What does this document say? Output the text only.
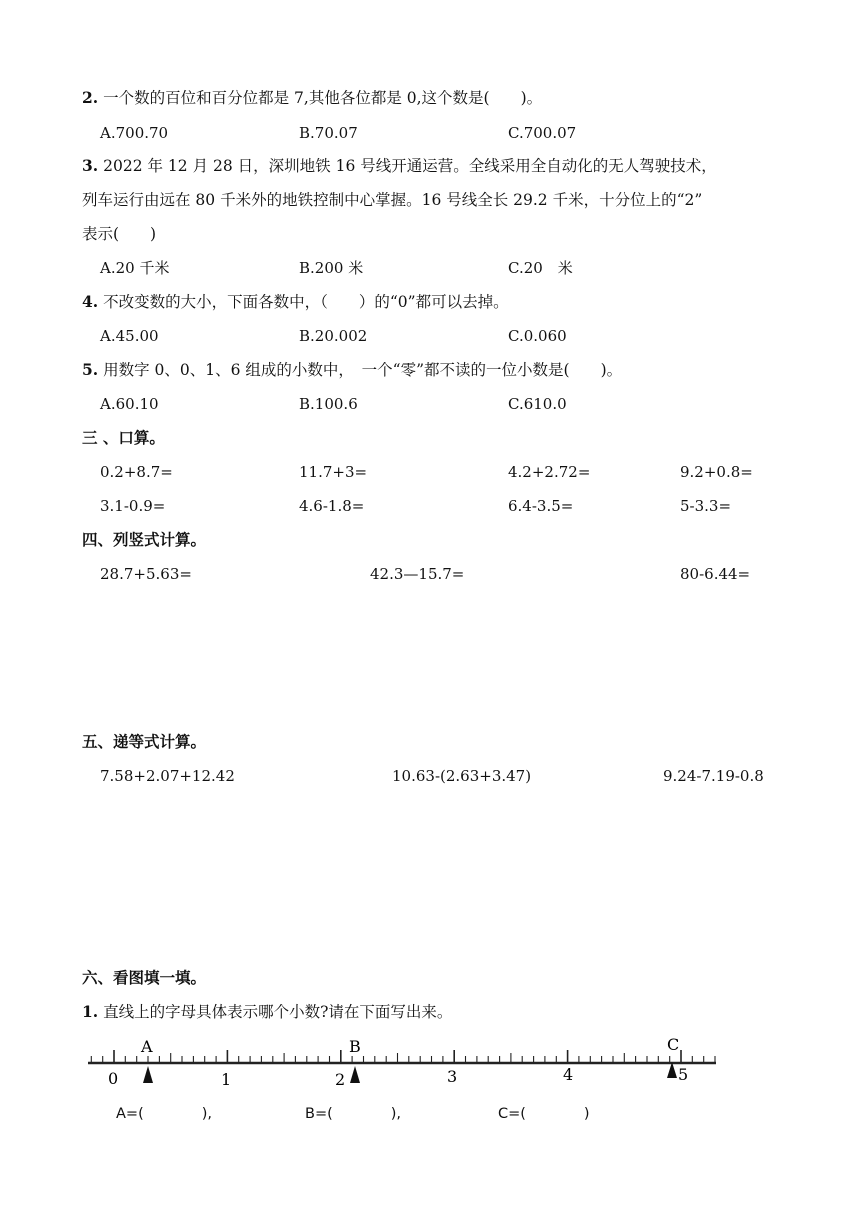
2. 一个数的百位和百分位都是 7,其他各位都是 0,这个数是(　　)。
A.700.70	B.70.07	C.700.07
3. 2022 年 12 月 28 日，深圳地铁 16 号线开通运营。全线采用全自动化的无人驾驶技术，
列车运行由远在 80 千米外的地铁控制中心掌握。16 号线全长 29.2 千米，十分位上的“2”
表示(　　)
A.20 千米	B.200 米	C.20　米
4. 不改变数的大小，下面各数中，（　　）的“0”都可以去掉。
A.45.00	B.20.002	C.0.060
5. 用数字 0、0、1、6 组成的小数中，　一个“零”都不读的一位小数是(　　)。
A.60.10	B.100.6	C.610.0
三 、口算。
0.2+8.7=	11.7+3=	4.2+2.72=	9.2+0.8=
3.1-0.9=	4.6-1.8=	6.4-3.5=	5-3.3=
四、列竖式计算。
28.7+5.63=	42.3—15.7=	80-6.44=
五、递等式计算。
7.58+2.07+12.42	10.63-(2.63+3.47)	9.24-7.19-0.8
六、看图填一填。
1. 直线上的字母具体表示哪个小数?请在下面写出来。
A	B	C
0	1	2	3	4	5
A=(　　　　),	B=(　　　　),	C=(　　　　)
